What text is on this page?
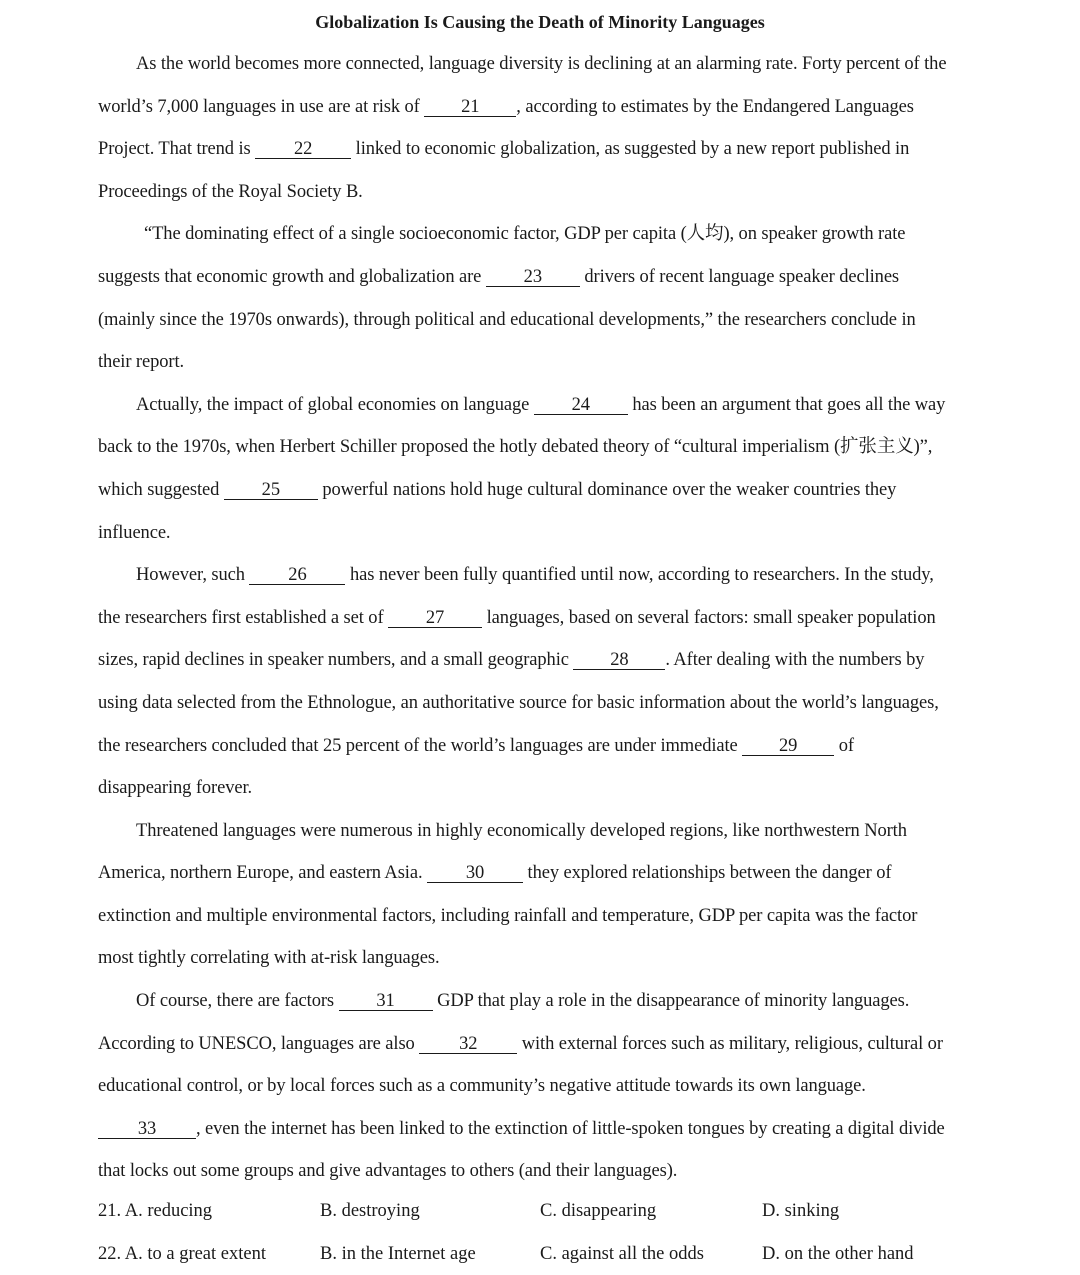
Globalization Is Causing the Death of Minority Languages
As the world becomes more connected, language diversity is declining at an alarming rate. Forty percent of the
world’s 7,000 languages in use are at risk of 21 , according to estimates by the Endangered Languages
Project. That trend is 22 linked to economic globalization, as suggested by a new report published in
Proceedings of the Royal Society B.
“The dominating effect of a single socioeconomic factor, GDP per capita (人均), on speaker growth rate
suggests that economic growth and globalization are 23 drivers of recent language speaker declines
(mainly since the 1970s onwards), through political and educational developments,” the researchers conclude in
their report.
Actually, the impact of global economies on language 24 has been an argument that goes all the way
back to the 1970s, when Herbert Schiller proposed the hotly debated theory of “cultural imperialism (扩张主义)”,
which suggested 25 powerful nations hold huge cultural dominance over the weaker countries they
influence.
However, such 26 has never been fully quantified until now, according to researchers. In the study,
the researchers first established a set of 27 languages, based on several factors: small speaker population
sizes, rapid declines in speaker numbers, and a small geographic 28 . After dealing with the numbers by
using data selected from the Ethnologue, an authoritative source for basic information about the world’s languages,
the researchers concluded that 25 percent of the world’s languages are under immediate 29 of
disappearing forever.
Threatened languages were numerous in highly economically developed regions, like northwestern North
America, northern Europe, and eastern Asia. 30 they explored relationships between the danger of
extinction and multiple environmental factors, including rainfall and temperature, GDP per capita was the factor
most tightly correlating with at-risk languages.
Of course, there are factors 31 GDP that play a role in the disappearance of minority languages.
According to UNESCO, languages are also 32 with external forces such as military, religious, cultural or
educational control, or by local forces such as a community’s negative attitude towards its own language.
33 , even the internet has been linked to the extinction of little-spoken tongues by creating a digital divide
that locks out some groups and give advantages to others (and their languages).
21. A. reducing	B. destroying	C. disappearing	D. sinking
22. A. to a great extent	B. in the Internet age	C. against all the odds	D. on the other hand
